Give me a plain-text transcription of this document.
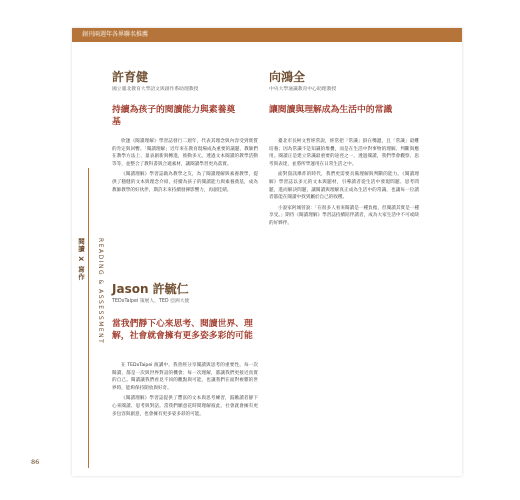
創刊兩週年各界聯名推薦
閱讀 X 寫作	READING & ASSESSMENT
許育健
國立臺北教育大學語文與創作系助理教授
持續為孩子的閱讀能力與素養奠基

欣逢《閱讀理解》學習誌發行二週年，代表其理念與內容受到實質的肯定與回響。「閱讀理解」近年來在教育現場成為重要的議題，教師們在教學方法上、量表創新與轉進，推動多元、透過文本閱讀的教學活動等等，並整合了教科書與合適素材，讓閱讀學習更為落實。

《閱讀理解》學習誌做為教學之友，為了閱讀理解與素養教學，提供了穩健的文本與理念介紹，持續為孩子的閱讀能力與素養奠基，成為教師教學的好伙伴，期許未來持續發揮影響力，再創佳績。

向鴻全
中央大學通識教育中心助理教授
讓閱讀與理解成為生活中的常識

臺北市長柯文哲經常說，經常把「常識」掛在嘴邊，且「常識」最難培養；因為常識不是知識的堆疊，而是在生活中對事物的理解、判斷與應用。閱讀正是建立常識最重要的途徑之一，透過閱讀，我們學會觀察、思考與表達，並將所學運用在日常生活之中。

面對資訊爆炸的時代，我們更需要具備理解與判斷的能力。《閱讀理解》學習誌以多元的文本與題材，引導讀者從生活中發現問題、思考問題，進而解決問題，讓閱讀與理解真正成為生活中的常識，也讓每一位讀者都能在閱讀中找到屬於自己的收穫。

小說家阿城曾說：「在很多人看來閱讀是一種負擔，但閱讀其實是一種享受。」期待《閱讀理解》學習誌持續陪伴讀者，成為大家生活中不可或缺的好夥伴。

Jason 許毓仁
TEDxTaipei 策展人、TED 亞洲大使
當我們靜下心來思考、閱讀世界、理解，社會就會擁有更多姿多彩的可能

在 TEDxTaipei 演講中，我曾經分享閱讀與思考的重要性。每一次閱讀，都是一次與世界對話的機會；每一次理解，都讓我們更接近真實的自己。閱讀讓我們看見不同的觀點與可能，也讓我們在面對複雜的世界時，能夠保持開放與好奇。

《閱讀理解》學習誌提供了豐富的文本與思考練習，鼓勵讀者靜下心來閱讀、思考與對話。當我們願意花時間理解彼此，社會就會擁有更多包容與創意，也會擁有更多姿多彩的可能。

86
